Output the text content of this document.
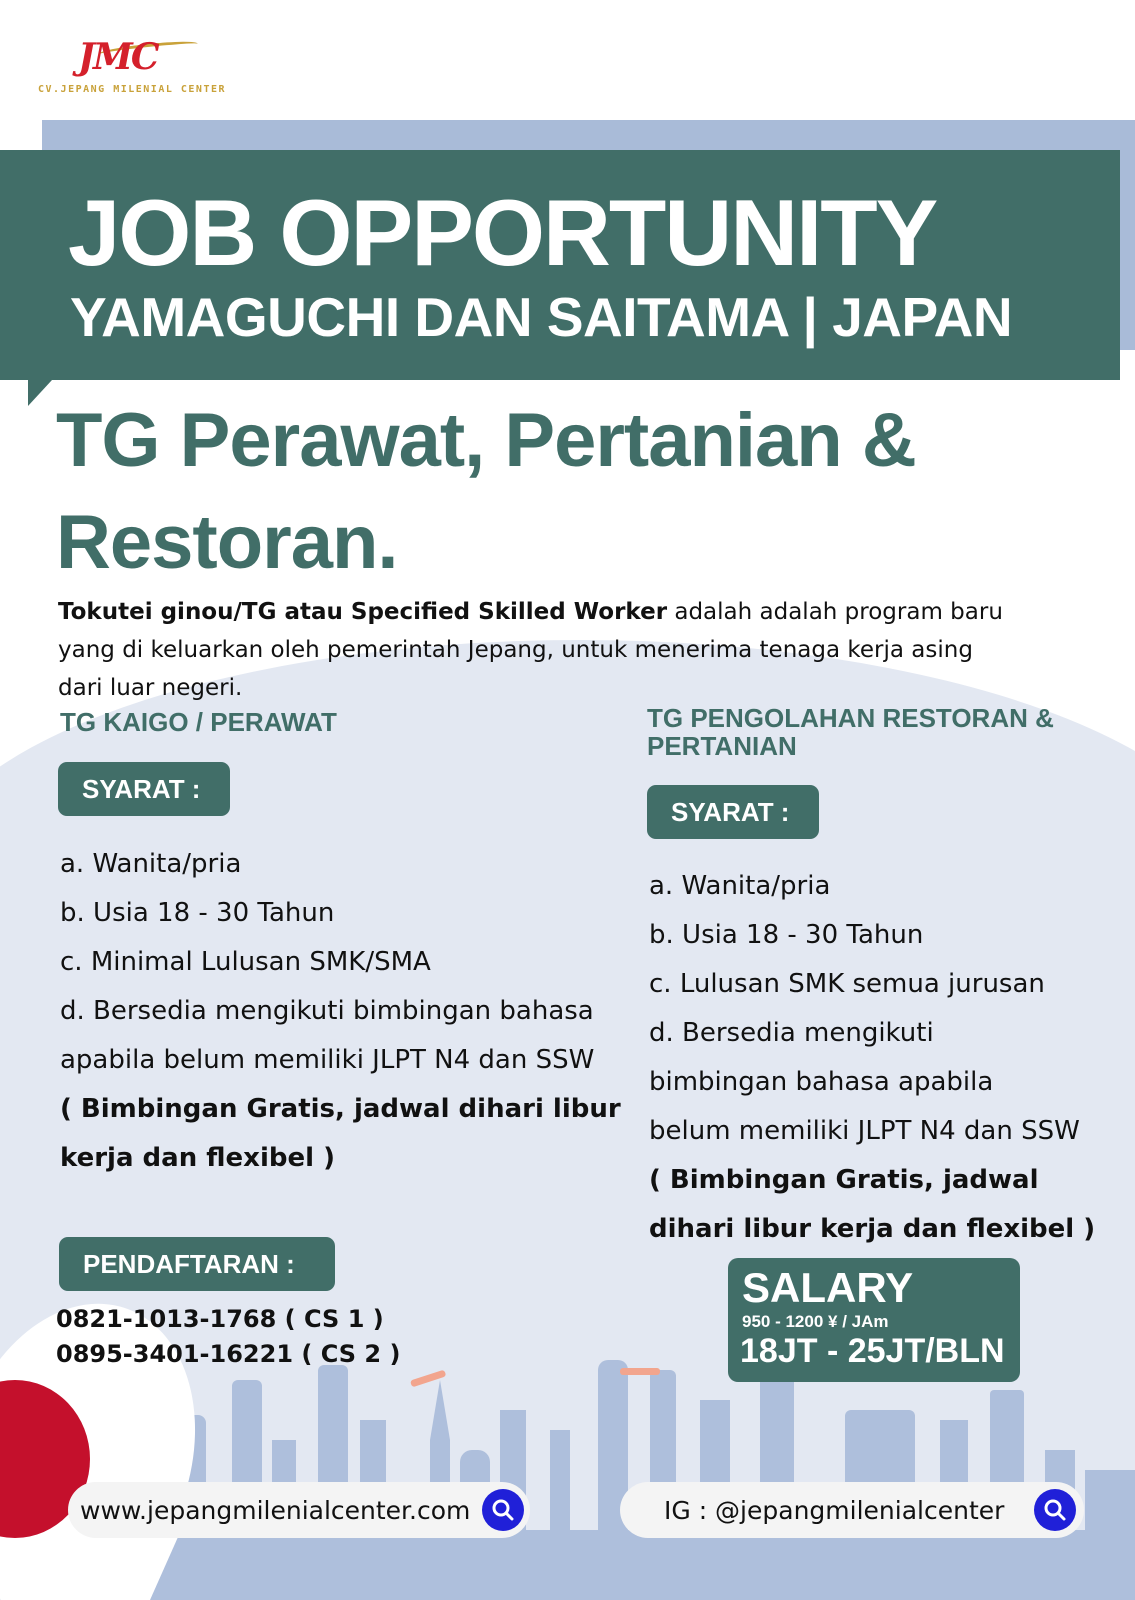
JMC
CV.JEPANG MILENIAL CENTER
JOB OPPORTUNITY
YAMAGUCHI DAN SAITAMA | JAPAN
TG Perawat, Pertanian & Restoran.

Tokutei ginou/TG atau Specified Skilled Worker adalah adalah program baru yang di keluarkan oleh pemerintah Jepang, untuk menerima tenaga kerja asing dari luar negeri.

TG KAIGO / PERAWAT
SYARAT :
a. Wanita/pria
b. Usia 18 - 30 Tahun
c. Minimal Lulusan SMK/SMA
d. Bersedia mengikuti bimbingan bahasa
apabila belum memiliki JLPT N4 dan SSW
( Bimbingan Gratis, jadwal dihari libur
kerja dan flexibel )
PENDAFTARAN :
0821-1013-1768 ( CS 1 )
0895-3401-16221 ( CS 2 )
TG PENGOLAHAN RESTORAN &
PERTANIAN
SYARAT :
a. Wanita/pria
b. Usia 18 - 30 Tahun
c. Lulusan SMK semua jurusan
d. Bersedia mengikuti
bimbingan bahasa apabila
belum memiliki JLPT N4 dan SSW
( Bimbingan Gratis, jadwal
dihari libur kerja dan flexibel )
SALARY
950 - 1200 ¥ / JAm
18JT - 25JT/BLN
www.jepangmilenialcenter.com	IG : @jepangmilenialcenter
